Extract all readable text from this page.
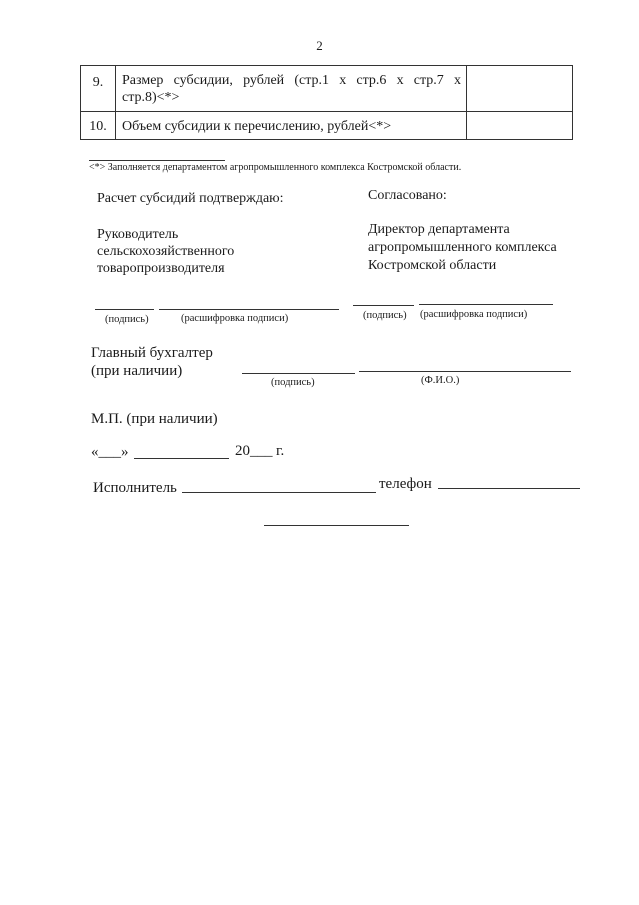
2
9.	Размер субсидии, рублей (стр.1 х стр.6 х стр.7 х
стр.8)<*>	

10.	Объем субсидии к перечислению, рублей<*>	
<*> Заполняется департаментом агропромышленного комплекса Костромской области.
Расчет субсидий подтверждаю:
Руководитель
сельскохозяйственного
товаропроизводителя
(подпись)	(расшифровка подписи)
Согласовано:
Директор департамента
агропромышленного комплекса
Костромской области
(подпись) (расшифровка подписи)
Главный бухгалтер
(при наличии)
(подпись)	(Ф.И.О.)
М.П. (при наличии)
«___»	20___ г.
Исполнитель	телефон
